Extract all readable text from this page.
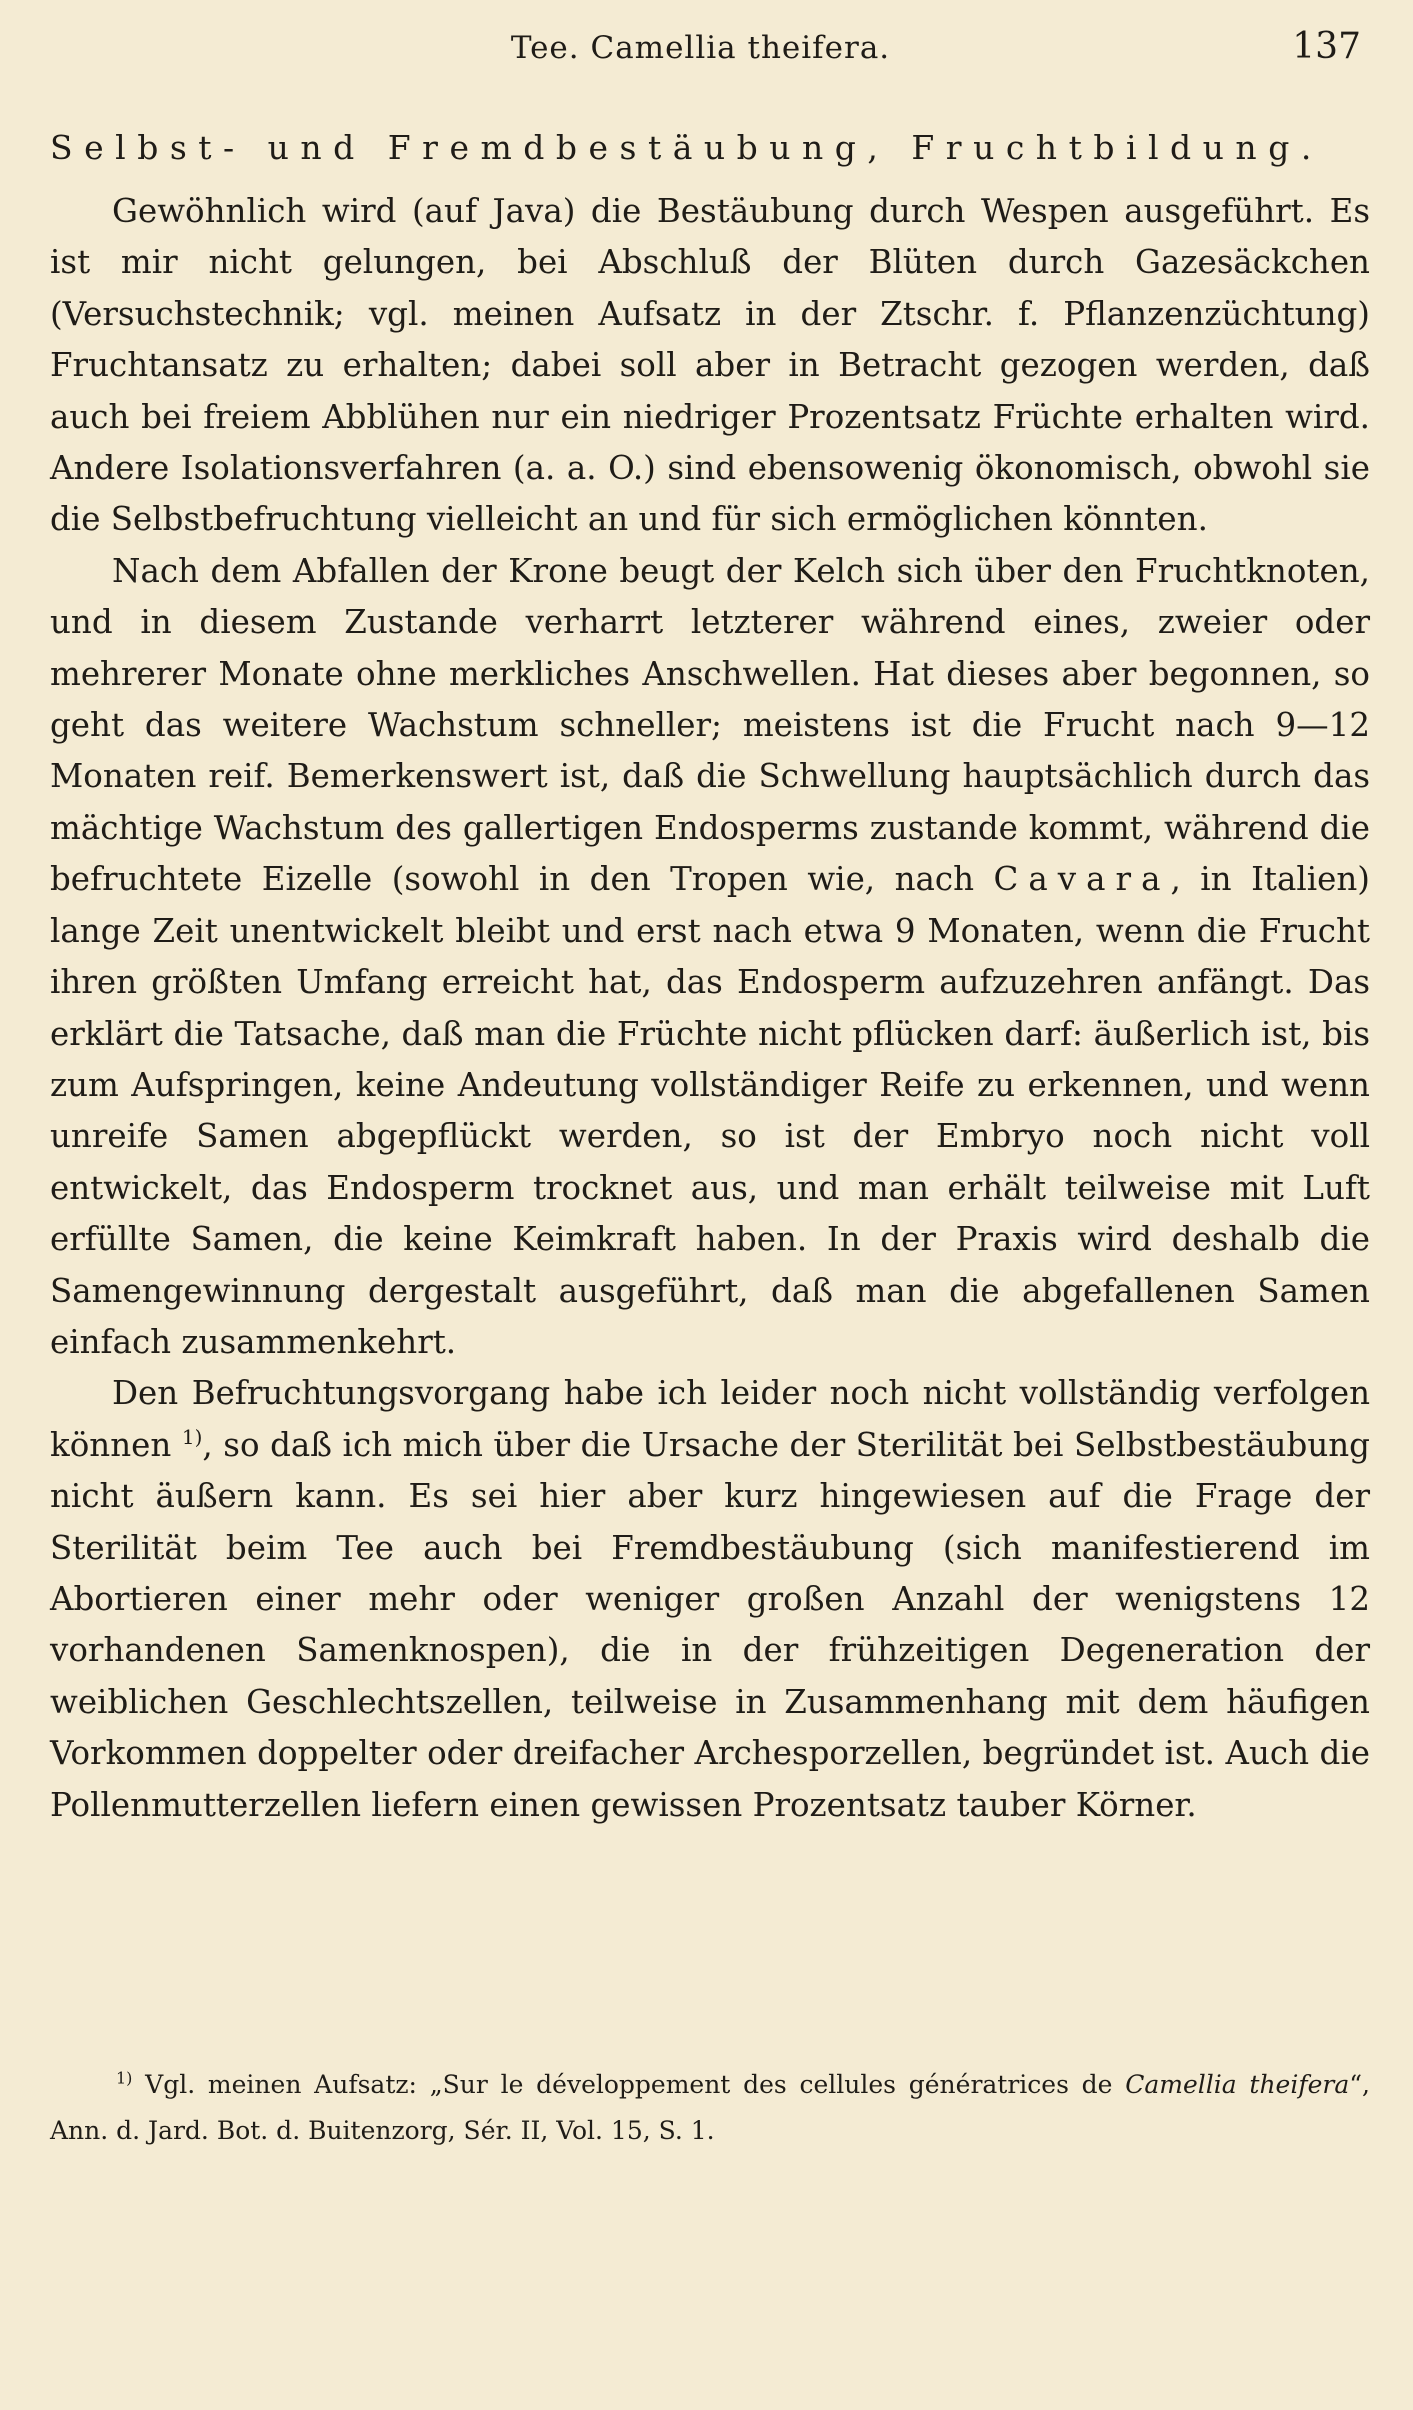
Tee. Camellia theifera.	137
Selbst- und Fremdbestäubung, Fruchtbildung.

Gewöhnlich wird (auf Java) die Bestäubung durch Wespen ausgeführt. Es ist mir nicht gelungen, bei Abschluß der Blüten durch Gazesäckchen (Versuchstechnik; vgl. meinen Aufsatz in der Ztschr. f. Pflanzenzüchtung) Fruchtansatz zu erhalten; dabei soll aber in Betracht gezogen werden, daß auch bei freiem Abblühen nur ein niedriger Prozentsatz Früchte erhalten wird. Andere Isolationsverfahren (a. a. O.) sind ebensowenig ökonomisch, obwohl sie die Selbstbefruchtung vielleicht an und für sich ermöglichen könnten.

Nach dem Abfallen der Krone beugt der Kelch sich über den Fruchtknoten, und in diesem Zustande verharrt letzterer während eines, zweier oder mehrerer Monate ohne merkliches Anschwellen. Hat dieses aber begonnen, so geht das weitere Wachstum schneller; meistens ist die Frucht nach 9—12 Monaten reif. Bemerkenswert ist, daß die Schwellung hauptsächlich durch das mächtige Wachstum des gallertigen Endosperms zustande kommt, während die befruchtete Eizelle (sowohl in den Tropen wie, nach Cavara, in Italien) lange Zeit unentwickelt bleibt und erst nach etwa 9 Monaten, wenn die Frucht ihren größten Umfang erreicht hat, das Endosperm aufzuzehren anfängt. Das erklärt die Tatsache, daß man die Früchte nicht pflücken darf: äußerlich ist, bis zum Aufspringen, keine Andeutung vollständiger Reife zu erkennen, und wenn unreife Samen abgepflückt werden, so ist der Embryo noch nicht voll entwickelt, das Endosperm trocknet aus, und man erhält teilweise mit Luft erfüllte Samen, die keine Keimkraft haben. In der Praxis wird deshalb die Samengewinnung dergestalt ausgeführt, daß man die abgefallenen Samen einfach zusammenkehrt.

Den Befruchtungsvorgang habe ich leider noch nicht vollständig verfolgen können $^{1)}$, so daß ich mich über die Ursache der Sterilität bei Selbstbestäubung nicht äußern kann. Es sei hier aber kurz hingewiesen auf die Frage der Sterilität beim Tee auch bei Fremdbestäubung (sich manifestierend im Abortieren einer mehr oder weniger großen Anzahl der wenigstens 12 vorhandenen Samenknospen), die in der frühzeitigen Degeneration der weiblichen Geschlechtszellen, teilweise in Zusammenhang mit dem häufigen Vorkommen doppelter oder dreifacher Archesporzellen, begründet ist. Auch die Pollenmutterzellen liefern einen gewissen Prozentsatz tauber Körner.

$^{1)}$ Vgl. meinen Aufsatz: „Sur le développement des cellules génératrices de Camellia theifera“, Ann. d. Jard. Bot. d. Buitenzorg, Sér. II, Vol. 15, S. 1.
